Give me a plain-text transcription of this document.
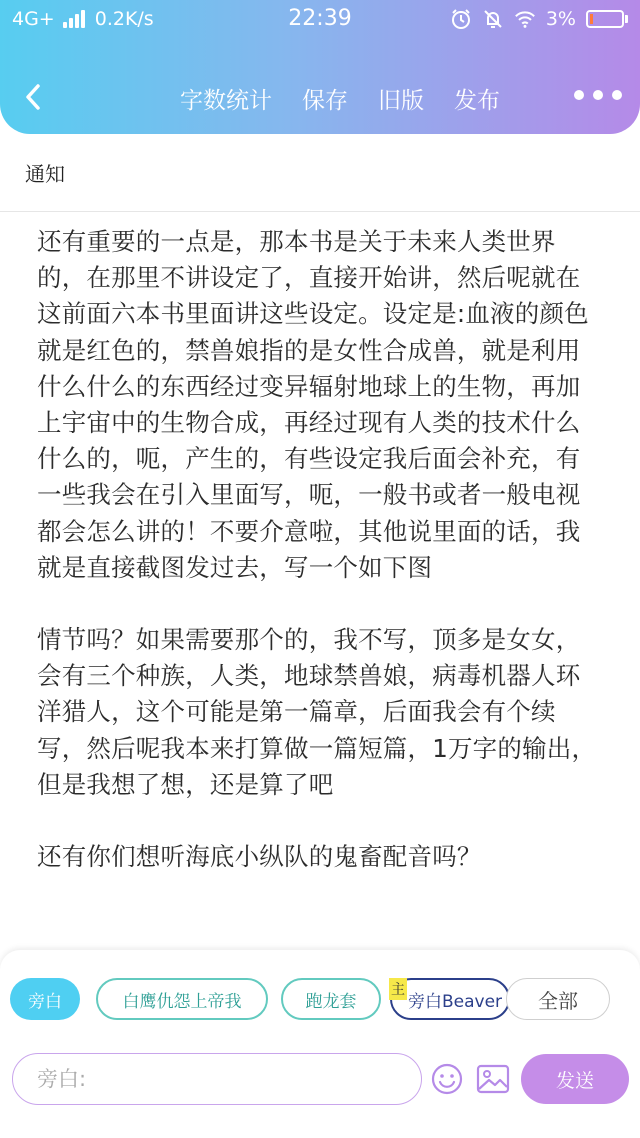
4G+ 0.2K/s	22:39	3%
字数统计 保存 旧版 发布
通知

还有重要的一点是，那本书是关于未来人类世界的，在那里不讲设定了，直接开始讲，然后呢就在这前面六本书里面讲这些设定。设定是:血液的颜色就是红色的，禁兽娘指的是女性合成兽，就是利用什么什么的东西经过变异辐射地球上的生物，再加上宇宙中的生物合成，再经过现有人类的技术什么什么的，呃，产生的，有些设定我后面会补充，有一些我会在引入里面写，呃，一般书或者一般电视都会怎么讲的！不要介意啦，其他说里面的话，我就是直接截图发过去，写一个如下图

情节吗？如果需要那个的，我不写，顶多是女女，会有三个种族，人类，地球禁兽娘，病毒机器人环洋猎人，这个可能是第一篇章，后面我会有个续写，然后呢我本来打算做一篇短篇，1万字的输出，但是我想了想，还是算了吧

还有你们想听海底小纵队的鬼畜配音吗？

旁白	白鹰仇怨上帝我	跑龙套
主
旁白Beaver	全部
旁白:
发送
